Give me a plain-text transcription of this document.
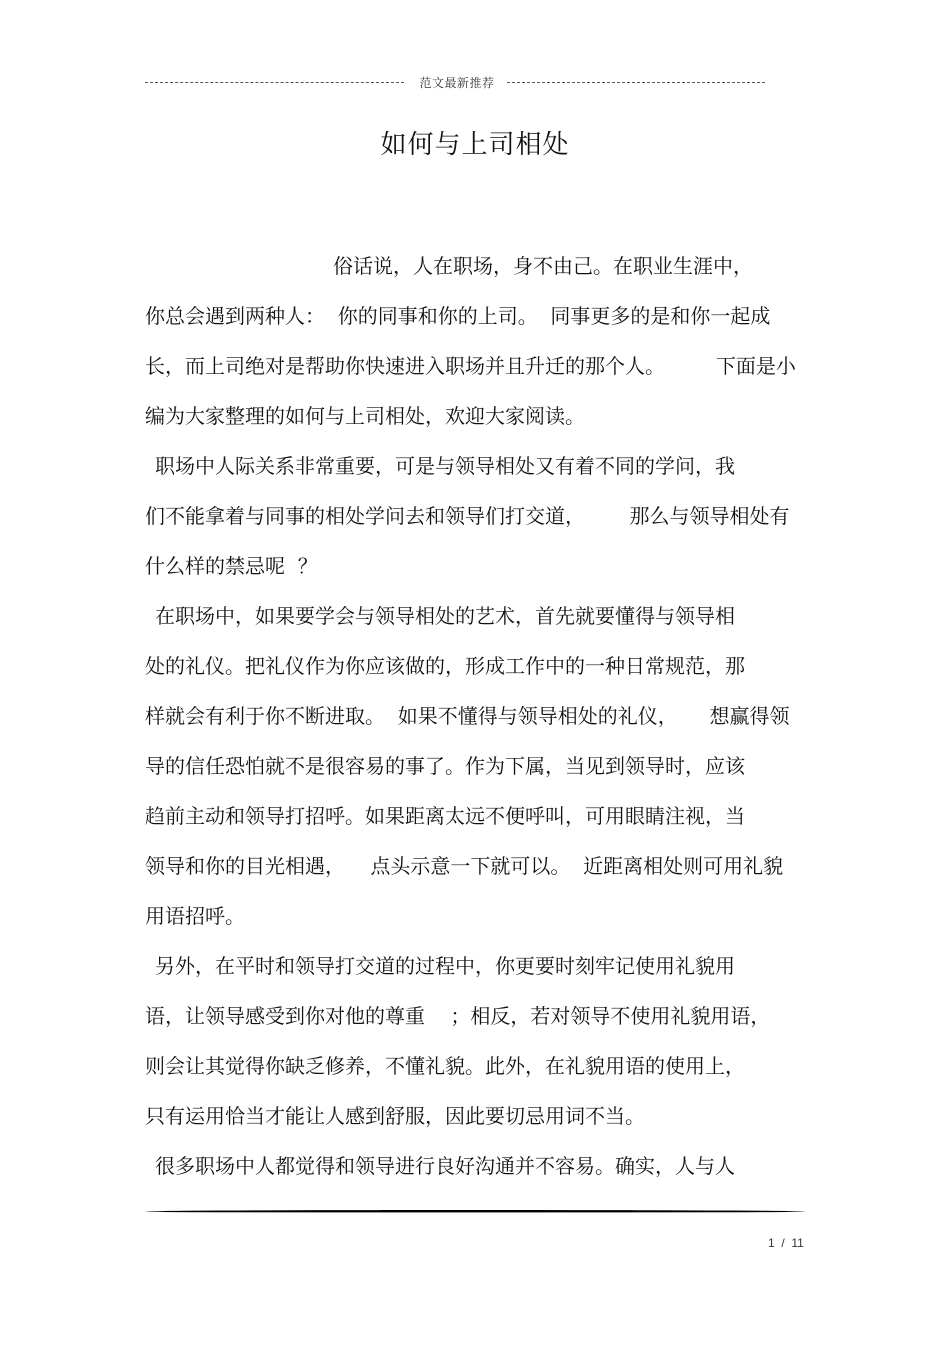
范文最新推荐
如何与上司相处
俗话说，人在职场，身不由己。在职业生涯中，
你总会遇到两种人：  你的同事和你的上司。  同事更多的是和你一起成
长，而上司绝对是帮助你快速进入职场并且升迁的那个人。        下面是小
编为大家整理的如何与上司相处，欢迎大家阅读。
职场中人际关系非常重要，可是与领导相处又有着不同的学问，我
们不能拿着与同事的相处学问去和领导们打交道，       那么与领导相处有
什么样的禁忌呢  ？
在职场中，如果要学会与领导相处的艺术，首先就要懂得与领导相
处的礼仪。把礼仪作为你应该做的，形成工作中的一种日常规范，那
样就会有利于你不断进取。  如果不懂得与领导相处的礼仪，     想赢得领
导的信任恐怕就不是很容易的事了。作为下属，当见到领导时，应该
趋前主动和领导打招呼。如果距离太远不便呼叫，可用眼睛注视，当
领导和你的目光相遇，    点头示意一下就可以。  近距离相处则可用礼貌
用语招呼。
另外，在平时和领导打交道的过程中，你更要时刻牢记使用礼貌用
语，让领导感受到你对他的尊重    ；相反，若对领导不使用礼貌用语，
则会让其觉得你缺乏修养，不懂礼貌。此外，在礼貌用语的使用上，
只有运用恰当才能让人感到舒服，因此要切忌用词不当。
很多职场中人都觉得和领导进行良好沟通并不容易。确实，人与人
1  /  11
